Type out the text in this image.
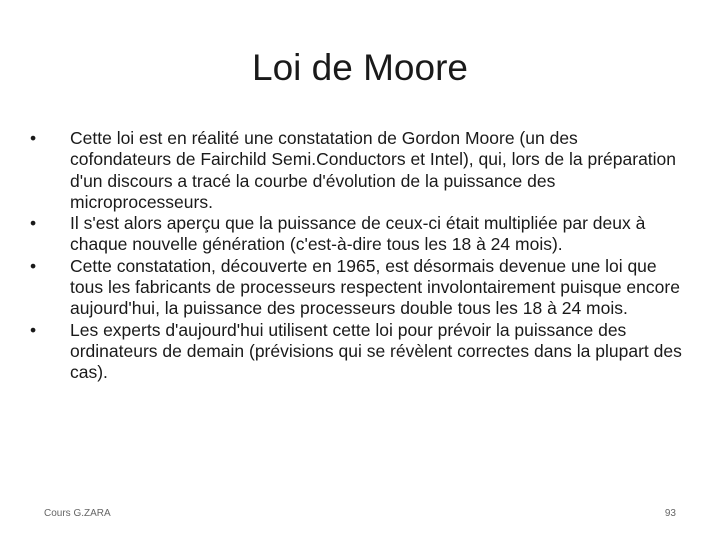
Loi de Moore
•	Cette loi est en réalité une constatation de Gordon Moore (un des cofondateurs de Fairchild Semi.Conductors et Intel), qui, lors de la préparation d'un discours a tracé la courbe d'évolution de la puissance des microprocesseurs.
•	Il s'est alors aperçu que la puissance de ceux-ci était multipliée par deux à chaque nouvelle génération (c'est-à-dire tous les 18 à 24 mois).
•	Cette constatation, découverte en 1965, est désormais devenue une loi que tous les fabricants de processeurs respectent involontairement puisque encore aujourd'hui, la puissance des processeurs double tous les 18 à 24 mois.
•	Les experts d'aujourd'hui utilisent cette loi pour prévoir la puissance des ordinateurs de demain (prévisions qui se révèlent correctes dans la plupart des cas).
Cours G.ZARA	93
